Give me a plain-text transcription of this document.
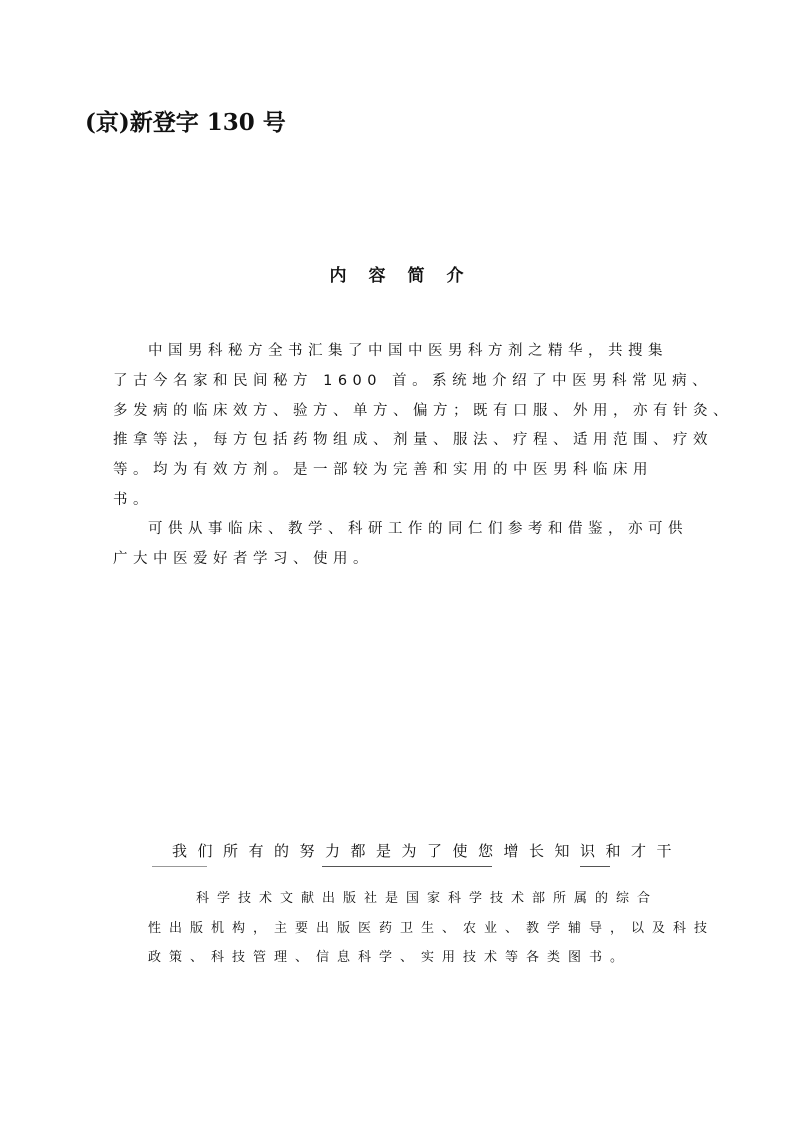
(京)新登字 130 号
内容简介
中国男科秘方全书汇集了中国中医男科方剂之精华，共搜集
了古今名家和民间秘方 1600 首。系统地介绍了中医男科常见病、
多发病的临床效方、验方、单方、偏方；既有口服、外用，亦有针灸、
推拿等法，每方包括药物组成、剂量、服法、疗程、适用范围、疗效
等。均为有效方剂。是一部较为完善和实用的中医男科临床用
书。
可供从事临床、教学、科研工作的同仁们参考和借鉴，亦可供
广大中医爱好者学习、使用。
我们所有的努力都是为了使您增长知识和才干
科学技术文献出版社是国家科学技术部所属的综合
性出版机构，主要出版医药卫生、农业、教学辅导，以及科技
政策、科技管理、信息科学、实用技术等各类图书。
